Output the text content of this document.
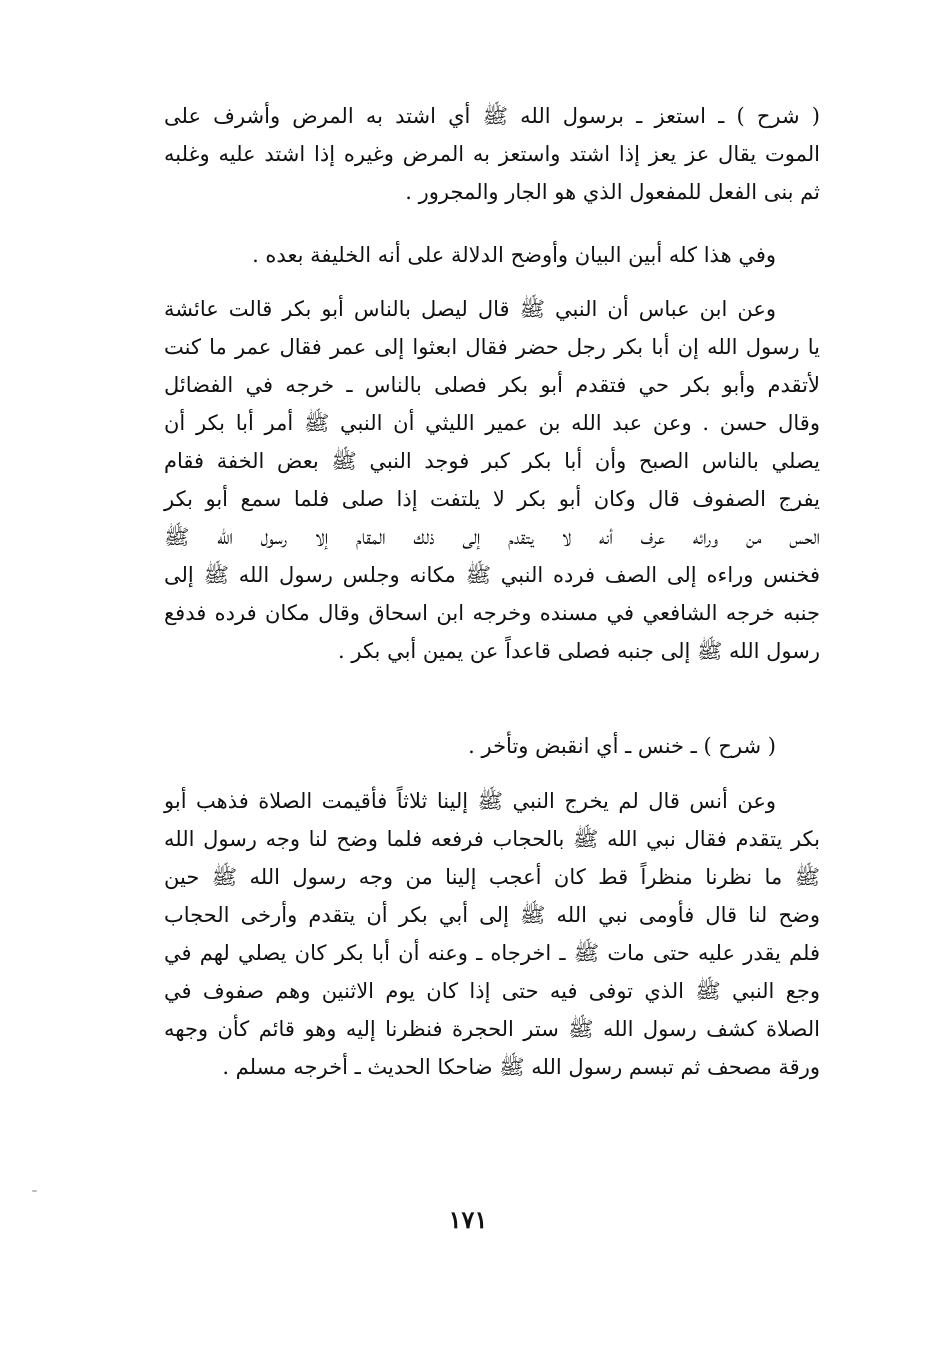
( شرح ) ـ استعز ـ برسول الله ﷺ أي اشتد به المرض وأشرف على
الموت يقال عز يعز إذا اشتد واستعز به المرض وغيره إذا اشتد عليه وغلبه
ثم بنى الفعل للمفعول الذي هو الجار والمجرور .
وفي هذا كله أبين البيان وأوضح الدلالة على أنه الخليفة بعده .
وعن ابن عباس أن النبي ﷺ قال ليصل بالناس أبو بكر قالت عائشة
يا رسول الله إن أبا بكر رجل حضر فقال ابعثوا إلى عمر فقال عمر ما كنت
لأتقدم وأبو بكر حي فتقدم أبو بكر فصلى بالناس ـ خرجه في الفضائل
وقال حسن . وعن عبد الله بن عمير الليثي أن النبي ﷺ أمر أبا بكر أن
يصلي بالناس الصبح وأن أبا بكر كبر فوجد النبي ﷺ بعض الخفة فقام
يفرج الصفوف قال وكان أبو بكر لا يلتفت إذا صلى فلما سمع أبو بكر
الحس من ورائه عرف أنه لا يتقدم إلى ذلك المقام إلا رسول الله ﷺ
فخنس وراءه إلى الصف فرده النبي ﷺ مكانه وجلس رسول الله ﷺ إلى
جنبه خرجه الشافعي في مسنده وخرجه ابن اسحاق وقال مكان فرده فدفع
رسول الله ﷺ إلى جنبه فصلى قاعداً عن يمين أبي بكر .
( شرح ) ـ خنس ـ أي انقبض وتأخر .
وعن أنس قال لم يخرج النبي ﷺ إلينا ثلاثاً فأقيمت الصلاة فذهب أبو
بكر يتقدم فقال نبي الله ﷺ بالحجاب فرفعه فلما وضح لنا وجه رسول الله
ﷺ ما نظرنا منظراً قط كان أعجب إلينا من وجه رسول الله ﷺ حين
وضح لنا قال فأومى نبي الله ﷺ إلى أبي بكر أن يتقدم وأرخى الحجاب
فلم يقدر عليه حتى مات ﷺ ـ اخرجاه ـ وعنه أن أبا بكر كان يصلي لهم في
وجع النبي ﷺ الذي توفى فيه حتى إذا كان يوم الاثنين وهم صفوف في
الصلاة كشف رسول الله ﷺ ستر الحجرة فنظرنا إليه وهو قائم كأن وجهه
ورقة مصحف ثم تبسم رسول الله ﷺ ضاحكا الحديث ـ أخرجه مسلم .
١٧١
